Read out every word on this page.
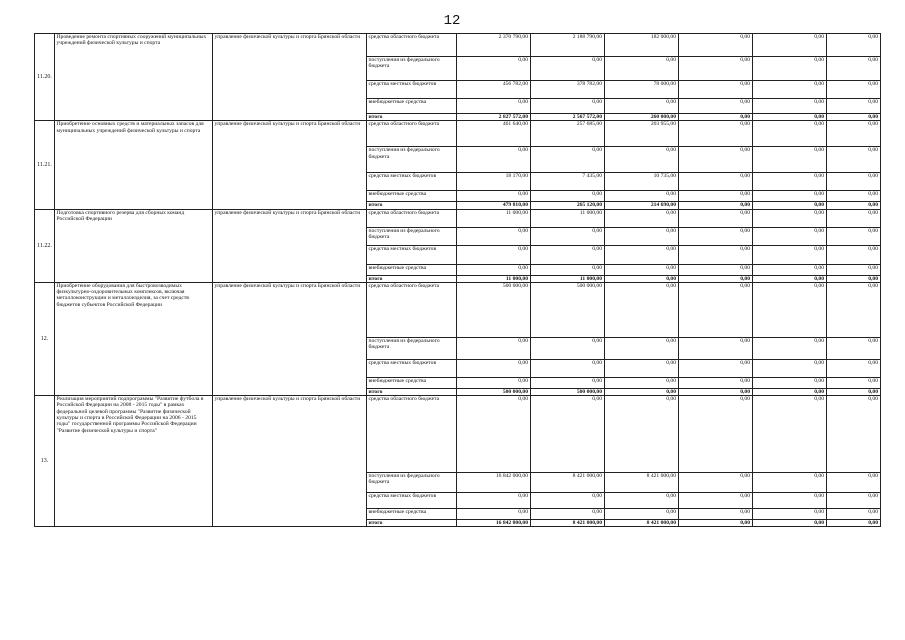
12
11.20.	Проведение ремонта спортивных сооружений муниципальных учреждений физической культуры и спорта	управление физической культуры и спорта Брянской области	средства областного бюджета	2 370 790,00	2 188 790,00	182 000,00	0,00	0,00	0,00
			поступления из федерального бюджета	0,00	0,00	0,00	0,00	0,00	0,00
			средства местных бюджетов	456 782,00	378 782,00	78 000,00	0,00	0,00	0,00
			внебюджетные средства	0,00	0,00	0,00	0,00	0,00	0,00
			итого	2 827 572,00	2 567 572,00	260 000,00	0,00	0,00	0,00
11.21.	Приобретение основных средств и материальных запасов для муниципальных учреждений физической культуры и спорта	управление физической культуры и спорта Брянской области	средства областного бюджета	461 640,00	257 685,00	203 955,00	0,00	0,00	0,00
			поступления из федерального бюджета	0,00	0,00	0,00	0,00	0,00	0,00
			средства местных бюджетов	18 170,00	7 435,00	10 735,00	0,00	0,00	0,00
			внебюджетные средства	0,00	0,00	0,00	0,00	0,00	0,00
			итого	479 810,00	265 120,00	214 690,00	0,00	0,00	0,00
11.22.	Подготовка спортивного резерва для сборных команд Российской Федерации	управление физической культуры и спорта Брянской области	средства областного бюджета	11 000,00	11 000,00	0,00	0,00	0,00	0,00
			поступления из федерального бюджета	0,00	0,00	0,00	0,00	0,00	0,00
			средства местных бюджетов	0,00	0,00	0,00	0,00	0,00	0,00
			внебюджетные средства	0,00	0,00	0,00	0,00	0,00	0,00
			итого	11 000,00	11 000,00	0,00	0,00	0,00	0,00
12.	Приобретение оборудования для быстровозводимых физкультурно-оздоровительных комплексов, включая металлоконструкции и металлоизделия, за счет средств бюджетов субъектов Российской Федерации	управление физической культуры и спорта Брянской области	средства областного бюджета	500 000,00	500 000,00	0,00	0,00	0,00	0,00
			поступления из федерального бюджета	0,00	0,00	0,00	0,00	0,00	0,00
			средства местных бюджетов	0,00	0,00	0,00	0,00	0,00	0,00
			внебюджетные средства	0,00	0,00	0,00	0,00	0,00	0,00
			итого	500 000,00	500 000,00	0,00	0,00	0,00	0,00
13.	Реализация мероприятий подпрограммы "Развитие футбола в Российской Федерации на 2008 - 2015 годы" в рамках федеральной целевой программы "Развитие физической культуры и спорта в Российской Федерации на 2006 - 2015 годы" государственной программы Российской Федерации "Развитие физической культуры и спорта"	управление физической культуры и спорта Брянской области	средства областного бюджета	0,00	0,00	0,00	0,00	0,00	0,00
			поступления из федерального бюджета	16 842 000,00	8 421 000,00	8 421 000,00	0,00	0,00	0,00
			средства местных бюджетов	0,00	0,00	0,00	0,00	0,00	0,00
			внебюджетные средства	0,00	0,00	0,00	0,00	0,00	0,00
			итого	16 842 000,00	8 421 000,00	8 421 000,00	0,00	0,00	0,00
